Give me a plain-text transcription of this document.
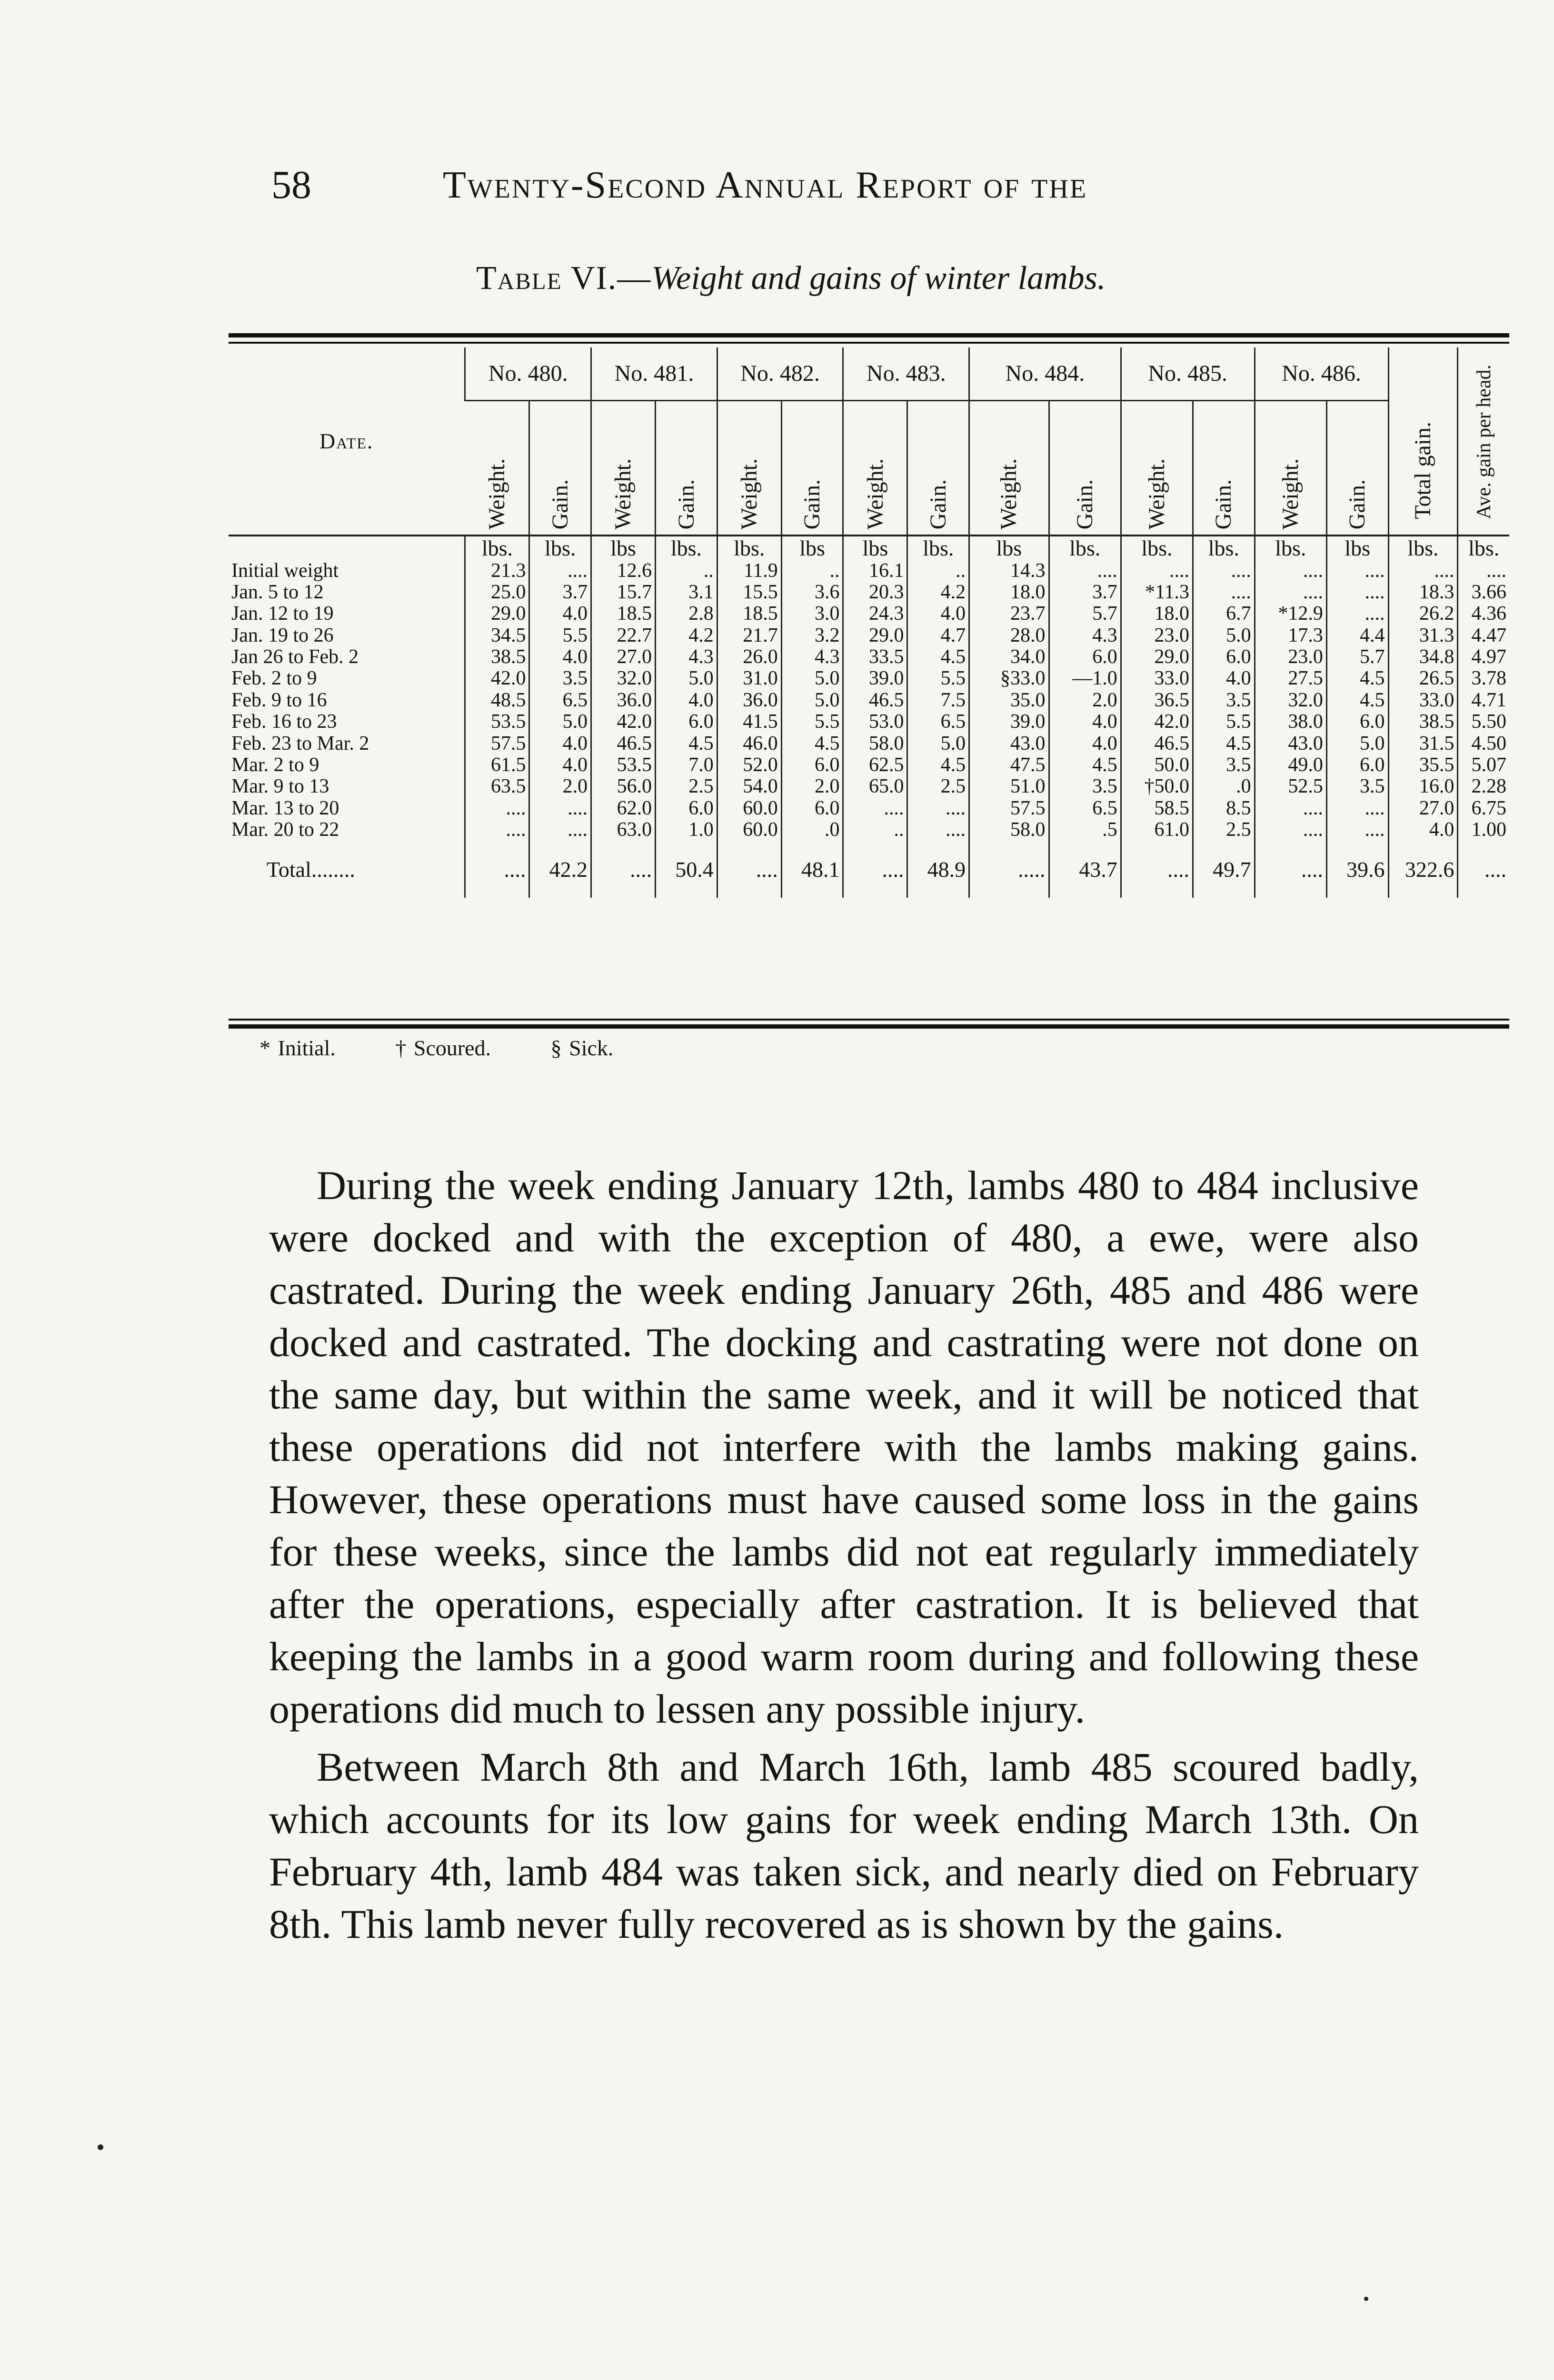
58	Twenty-Second Annual Report of the
Table VI.—Weight and gains of winter lambs.
Date.	No. 480.		No. 481.		No. 482.		No. 483.		No. 484.		No. 485.		No. 486.		Total gain.	Ave. gain per head.
	Weight.	Gain.	Weight.	Gain.	Weight.	Gain.	Weight.	Gain.	Weight.	Gain.	Weight.	Gain.	Weight.	Gain.		
	lbs.	lbs.	lbs	lbs.	lbs.	lbs	lbs	lbs.	lbs	lbs.	lbs.	lbs.	lbs.	lbs	lbs.	lbs.
Initial weight	21.3	....	12.6	..	11.9	..	16.1	..	14.3	....	....	....	....	....	....	....
Jan. 5 to 12	25.0	3.7	15.7	3.1	15.5	3.6	20.3	4.2	18.0	3.7	*11.3	....	....	....	18.3	3.66
Jan. 12 to 19	29.0	4.0	18.5	2.8	18.5	3.0	24.3	4.0	23.7	5.7	18.0	6.7	*12.9	....	26.2	4.36
Jan. 19 to 26	34.5	5.5	22.7	4.2	21.7	3.2	29.0	4.7	28.0	4.3	23.0	5.0	17.3	4.4	31.3	4.47
Jan 26 to Feb. 2	38.5	4.0	27.0	4.3	26.0	4.3	33.5	4.5	34.0	6.0	29.0	6.0	23.0	5.7	34.8	4.97
Feb. 2 to 9	42.0	3.5	32.0	5.0	31.0	5.0	39.0	5.5	§33.0	—1.0	33.0	4.0	27.5	4.5	26.5	3.78
Feb. 9 to 16	48.5	6.5	36.0	4.0	36.0	5.0	46.5	7.5	35.0	2.0	36.5	3.5	32.0	4.5	33.0	4.71
Feb. 16 to 23	53.5	5.0	42.0	6.0	41.5	5.5	53.0	6.5	39.0	4.0	42.0	5.5	38.0	6.0	38.5	5.50
Feb. 23 to Mar. 2	57.5	4.0	46.5	4.5	46.0	4.5	58.0	5.0	43.0	4.0	46.5	4.5	43.0	5.0	31.5	4.50
Mar. 2 to 9	61.5	4.0	53.5	7.0	52.0	6.0	62.5	4.5	47.5	4.5	50.0	3.5	49.0	6.0	35.5	5.07
Mar. 9 to 13	63.5	2.0	56.0	2.5	54.0	2.0	65.0	2.5	51.0	3.5	†50.0	.0	52.5	3.5	16.0	2.28
Mar. 13 to 20	....	....	62.0	6.0	60.0	6.0	....	....	57.5	6.5	58.5	8.5	....	....	27.0	6.75
Mar. 20 to 22	....	....	63.0	1.0	60.0	.0	..	....	58.0	.5	61.0	2.5	....	....	4.0	1.00
Total........	....	42.2	....	50.4	....	48.1	....	48.9	.....	43.7	....	49.7	....	39.6	322.6	....
* Initial.	† Scoured.	§ Sick.

During the week ending January 12th, lambs 480 to 484 inclusive were docked and with the exception of 480, a ewe, were also castrated. During the week ending January 26th, 485 and 486 were docked and castrated. The docking and castrating were not done on the same day, but within the same week, and it will be noticed that these operations did not interfere with the lambs making gains. However, these operations must have caused some loss in the gains for these weeks, since the lambs did not eat regularly immediately after the operations, especially after castration. It is believed that keeping the lambs in a good warm room during and following these operations did much to lessen any possible injury.

Between March 8th and March 16th, lamb 485 scoured badly, which accounts for its low gains for week ending March 13th. On February 4th, lamb 484 was taken sick, and nearly died on February 8th. This lamb never fully recovered as is shown by the gains.
